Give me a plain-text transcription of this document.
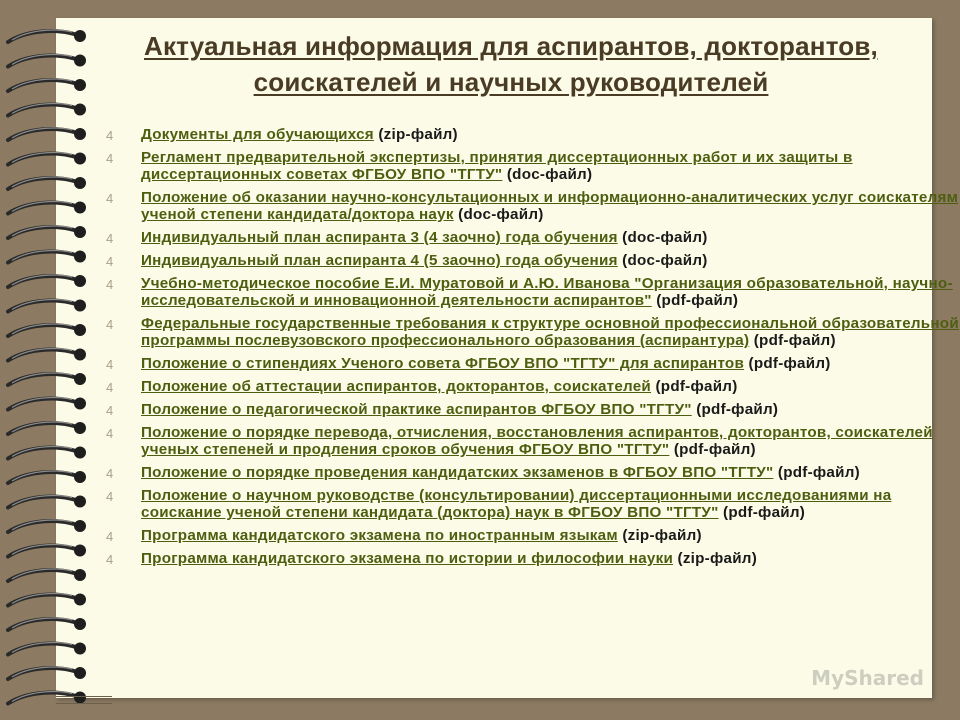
Актуальная информация для аспирантов, докторантов, соискателей и научных руководителей
4 Документы для обучающихся (zip-файл)
4 Регламент предварительной экспертизы, принятия диссертационных работ и их защиты в диссертационных советах ФГБОУ ВПО "ТГТУ" (doc-файл)
4 Положение об оказании научно-консультационных и информационно-аналитических услуг соискателям ученой степени кандидата/доктора наук (doc-файл)
4 Индивидуальный план аспиранта 3 (4 заочно) года обучения (doc-файл)
4 Индивидуальный план аспиранта 4 (5 заочно) года обучения (doc-файл)
4 Учебно-методическое пособие Е.И. Муратовой и А.Ю. Иванова "Организация образовательной, научно-исследовательской и инновационной деятельности аспирантов" (pdf-файл)
4 Федеральные государственные требования к структуре основной профессиональной образовательной программы послевузовского профессионального образования (аспирантура) (pdf-файл)
4 Положение о стипендиях Ученого совета ФГБОУ ВПО "ТГТУ" для аспирантов (pdf-файл)
4 Положение об аттестации аспирантов, докторантов, соискателей (pdf-файл)
4 Положение о педагогической практике аспирантов ФГБОУ ВПО "ТГТУ" (pdf-файл)
4 Положение о порядке перевода, отчисления, восстановления аспирантов, докторантов, соискателей ученых степеней и продления сроков обучения ФГБОУ ВПО "ТГТУ" (pdf-файл)
4 Положение о порядке проведения кандидатских экзаменов в ФГБОУ ВПО "ТГТУ" (pdf-файл)
4 Положение о научном руководстве (консультировании) диссертационными исследованиями на соискание ученой степени кандидата (доктора) наук в ФГБОУ ВПО "ТГТУ" (pdf-файл)
4 Программа кандидатского экзамена по иностранным языкам (zip-файл)
4 Программа кандидатского экзамена по истории и философии науки (zip-файл)
MyShared
